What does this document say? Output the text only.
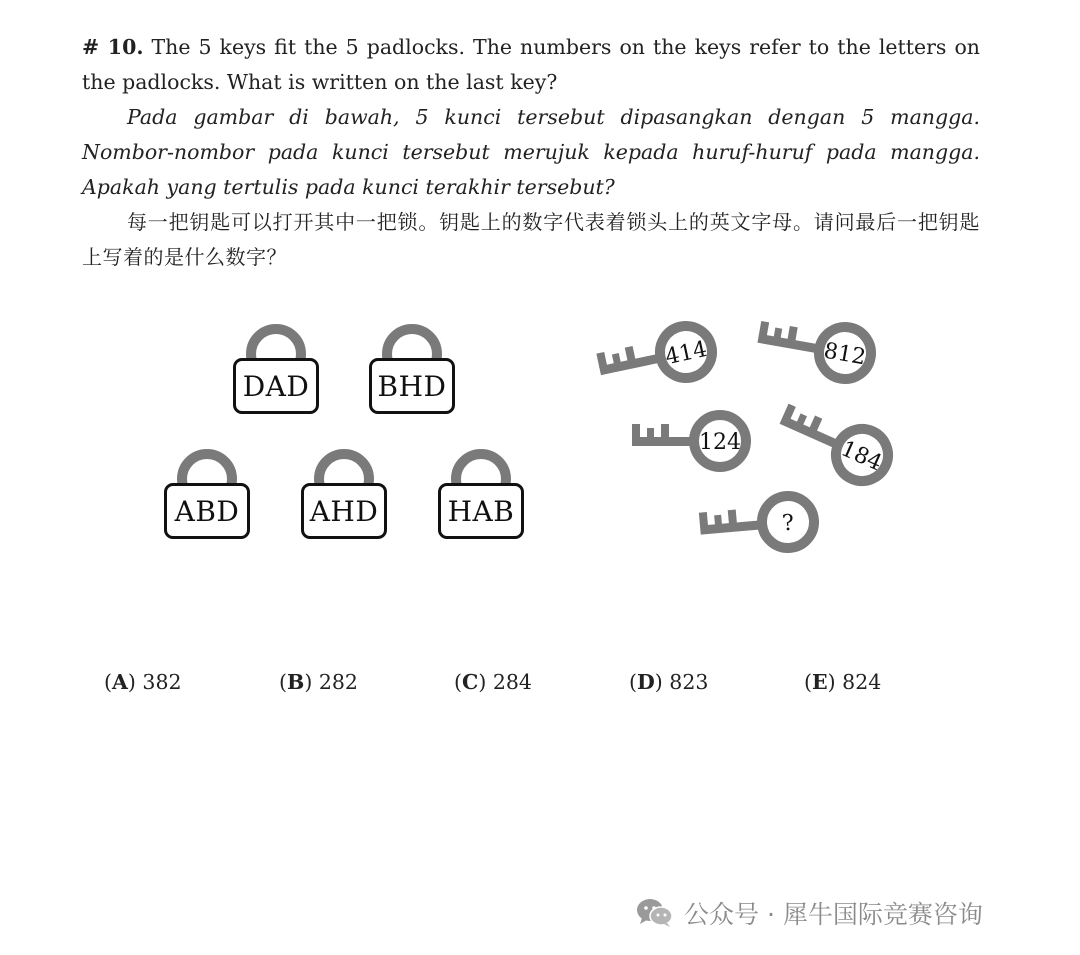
# 10. The 5 keys fit the 5 padlocks. The numbers on the keys refer to the letters on the padlocks. What is written on the last key?

Pada gambar di bawah, 5 kunci tersebut dipasangkan dengan 5 mangga. Nombor-nombor pada kunci tersebut merujuk kepada huruf-huruf pada mangga. Apakah yang tertulis pada kunci terakhir tersebut?

每一把钥匙可以打开其中一把锁。钥匙上的数字代表着锁头上的英文字母。请问最后一把钥匙上写着的是什么数字？

DAD	BHD
ABD	AHD	HAB
414	812
124	184
?
(A) 382	(B) 282	(C) 284	(D) 823	(E) 824
公众号 · 犀牛国际竞赛咨询
